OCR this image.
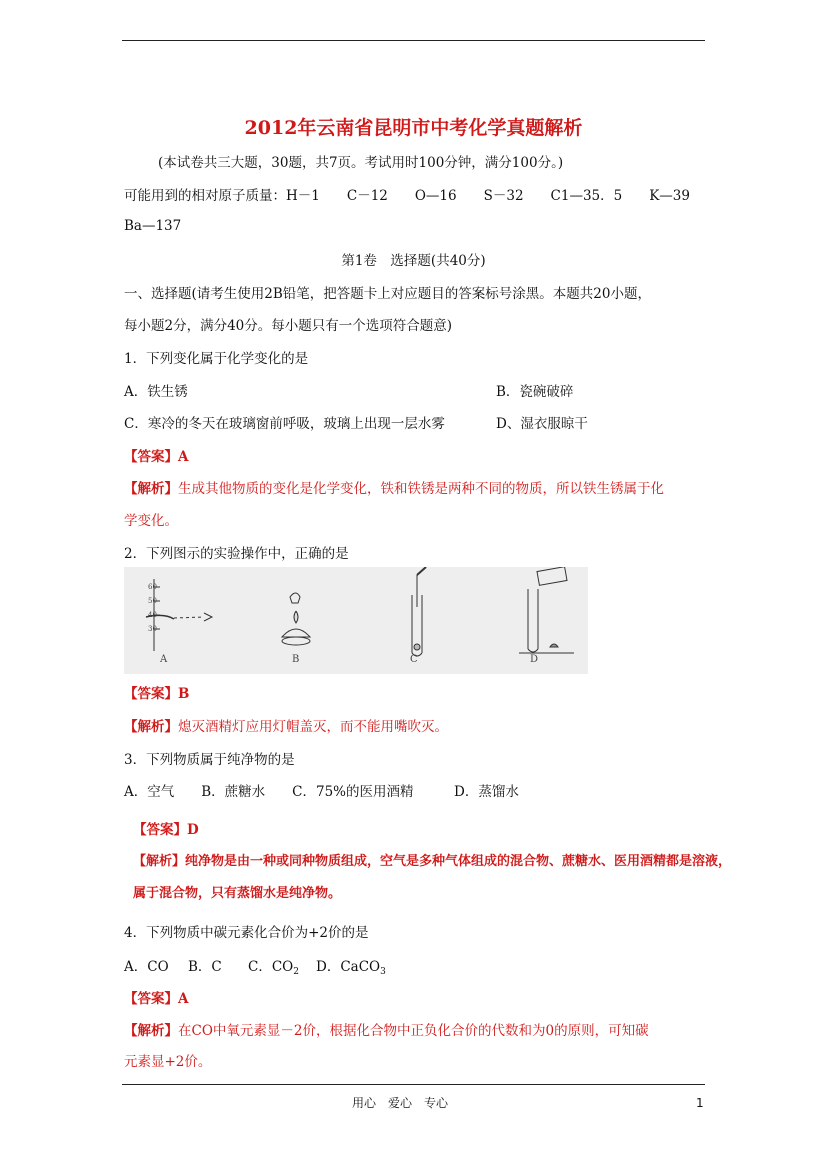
2012年云南省昆明市中考化学真题解析
(本试卷共三大题，30题，共7页。考试用时100分钟，满分100分。)
可能用到的相对原子质量：H－1　　C－12　　O—16　　S－32　　C1—35．5　　K—39
Ba—137
第1卷　选择题(共40分)
一、选择题(请考生使用2B铅笔，把答题卡上对应题目的答案标号涂黑。本题共20小题，
每小题2分，满分40分。每小题只有一个选项符合题意)
1．下列变化属于化学变化的是
A．铁生锈	B．瓷碗破碎
C．寒冷的冬天在玻璃窗前呼吸，玻璃上出现一层水雾	D、湿衣服晾干
【答案】A
【解析】生成其他物质的变化是化学变化，铁和铁锈是两种不同的物质，所以铁生锈属于化
学变化。
2．下列图示的实验操作中，正确的是
60
50
40
30
A	B	C	D
【答案】B
【解析】熄灭酒精灯应用灯帽盖灭，而不能用嘴吹灭。
3．下列物质属于纯净物的是
A．空气　　B．蔗糖水　　C．75%的医用酒精　　　D．蒸馏水
【答案】D
【解析】纯净物是由一种或同种物质组成，空气是多种气体组成的混合物、蔗糖水、医用酒精都是溶液，
属于混合物，只有蒸馏水是纯净物。
4．下列物质中碳元素化合价为+2价的是
A．CO B．C C．$CO_2$ D．CaCO$_3$
【答案】A
【解析】在CO中氧元素显－2价，根据化合物中正负化合价的代数和为0的原则，可知碳
元素显+2价。
用心　爱心　专心	1
